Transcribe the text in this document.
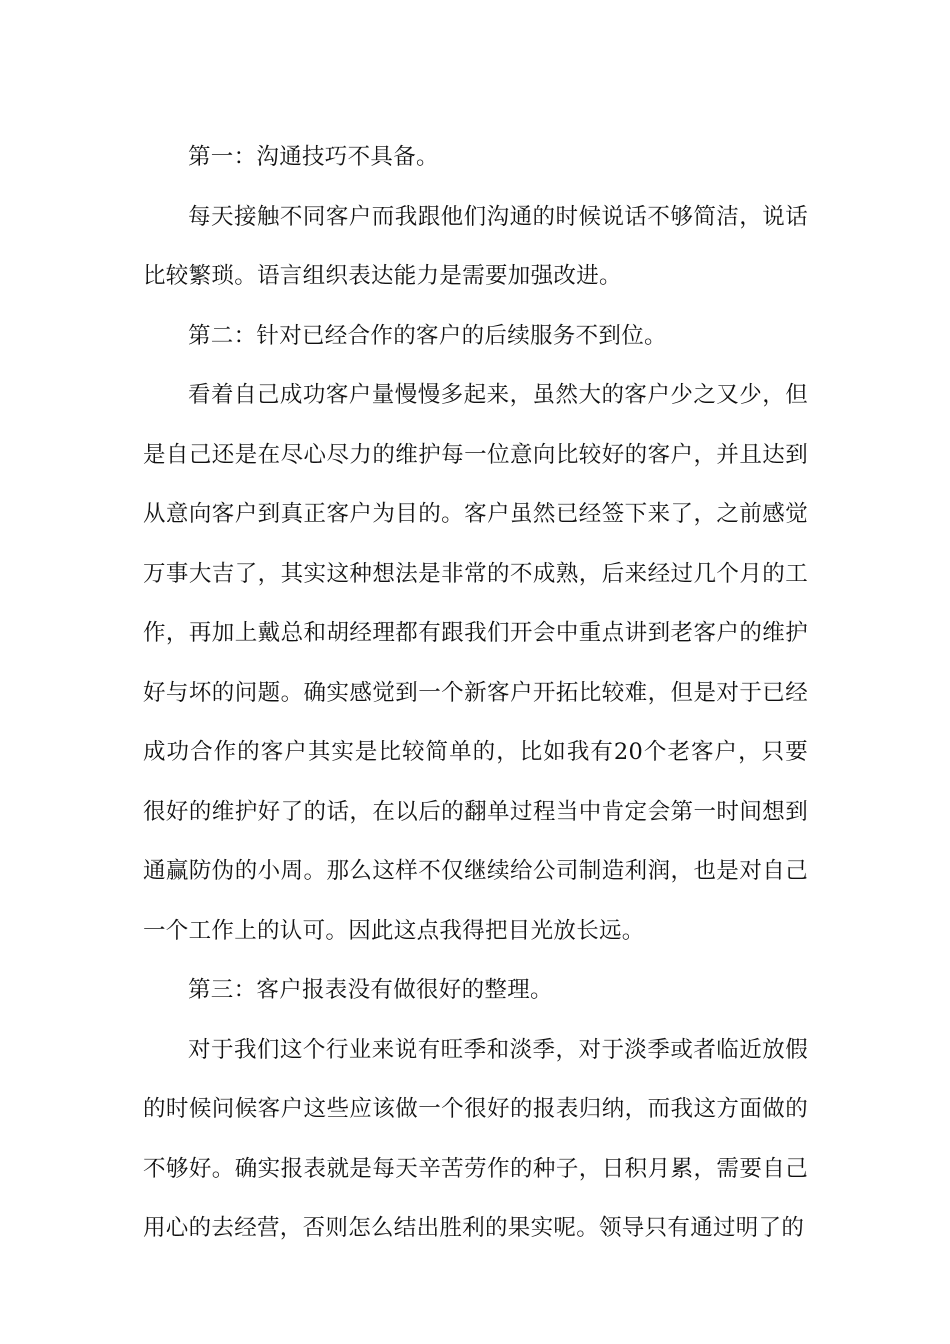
第一：沟通技巧不具备。

每天接触不同客户而我跟他们沟通的时候说话不够简洁，说话比较繁琐。语言组织表达能力是需要加强改进。

第二：针对已经合作的客户的后续服务不到位。

看着自己成功客户量慢慢多起来，虽然大的客户少之又少，但是自己还是在尽心尽力的维护每一位意向比较好的客户，并且达到从意向客户到真正客户为目的。客户虽然已经签下来了，之前感觉万事大吉了，其实这种想法是非常的不成熟，后来经过几个月的工作，再加上戴总和胡经理都有跟我们开会中重点讲到老客户的维护好与坏的问题。确实感觉到一个新客户开拓比较难，但是对于已经成功合作的客户其实是比较简单的，比如我有20个老客户，只要很好的维护好了的话，在以后的翻单过程当中肯定会第一时间想到通赢防伪的小周。那么这样不仅继续给公司制造利润，也是对自己一个工作上的认可。因此这点我得把目光放长远。

第三：客户报表没有做很好的整理。

对于我们这个行业来说有旺季和淡季，对于淡季或者临近放假的时候问候客户这些应该做一个很好的报表归纳，而我这方面做的不够好。确实报表就是每天辛苦劳作的种子，日积月累，需要自己用心的去经营，否则怎么结出胜利的果实呢。领导只有通过明了的
